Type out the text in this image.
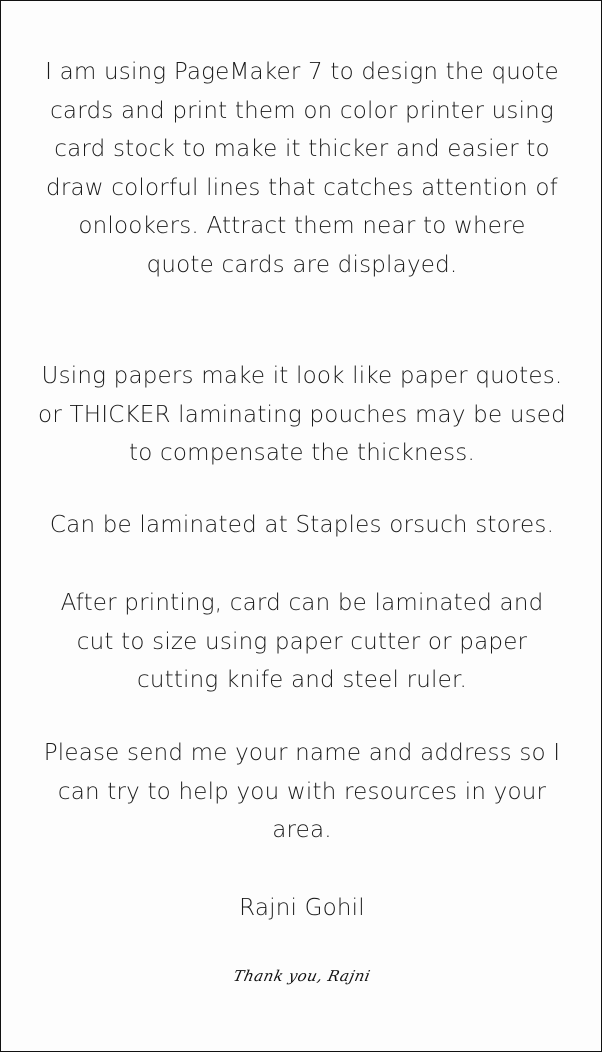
I am using PageMaker 7 to design the quote cards and print them on color printer using card stock to make it thicker and easier to draw colorful lines that catches attention of onlookers. Attract them near to where quote cards are displayed.
Using papers make it look like paper quotes. or THICKER laminating pouches may be used to compensate the thickness.
Can be laminated at Staples orsuch stores.
After printing, card can be laminated and cut to size using paper cutter or paper cutting knife and steel ruler.
Please send me your name and address so I can try to help you with resources in your area.
Rajni Gohil
Thank you, Rajni
